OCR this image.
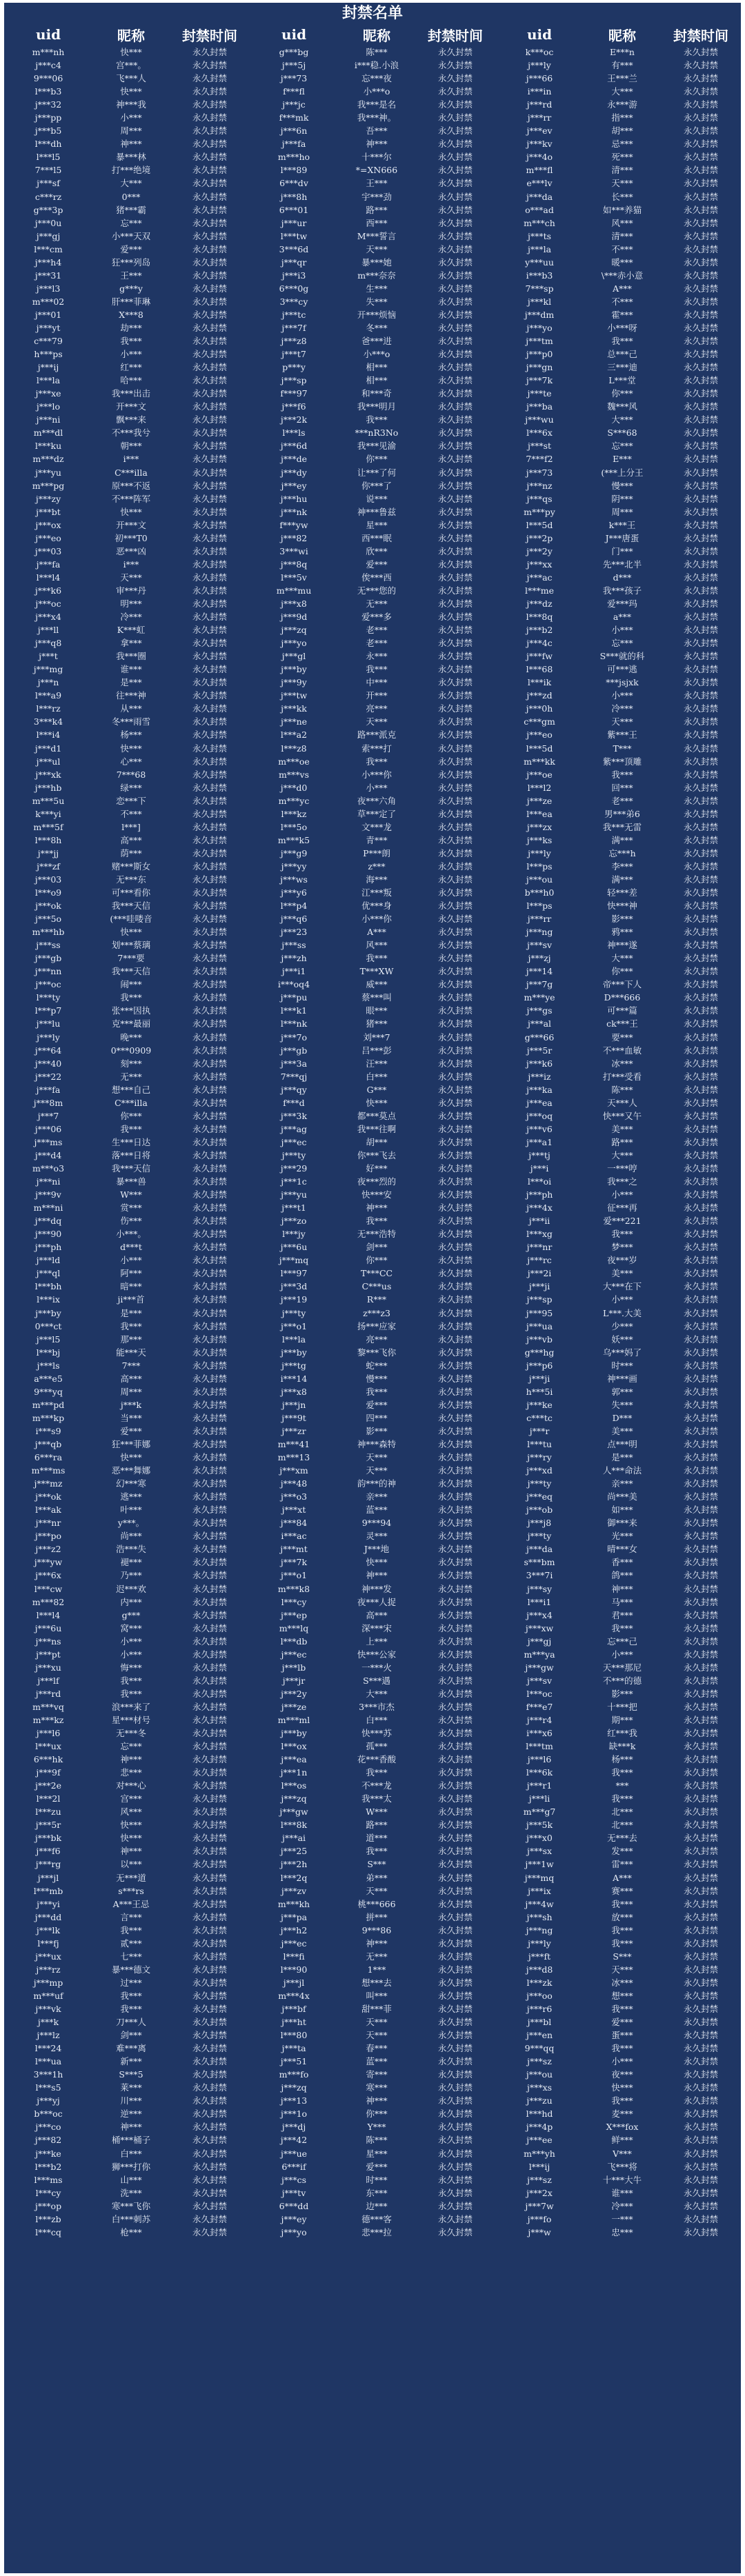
封禁名单
uid	昵称	封禁时间	uid	昵称	封禁时间	uid	昵称	封禁时间
m***nh	快***	永久封禁	g***bg	陈***	永久封禁	k***oc	E***n	永久封禁
j***c4	宫***。	永久封禁	j***5j	i***稳.小浪	永久封禁	j***ly	有***	永久封禁
9***06	飞***人	永久封禁	j***73	忘***夜	永久封禁	j***66	王***兰	永久封禁
l***b3	快***	永久封禁	f***fl	小***o	永久封禁	i***in	大***	永久封禁
j***32	神***我	永久封禁	j***jc	我***是名	永久封禁	j***rd	永***游	永久封禁
j***pp	小***	永久封禁	f***mk	我***神。	永久封禁	j***rr	指***	永久封禁
j***b5	周***	永久封禁	j***6n	吾***	永久封禁	j***ev	胡***	永久封禁
l***dh	神***	永久封禁	j***fa	神***	永久封禁	j***kv	忌***	永久封禁
l***l5	暴***林	永久封禁	m***ho	十***尔	永久封禁	j***4o	死***	永久封禁
7***l5	打***绝境	永久封禁	l***89	*=XN666	永久封禁	m***fl	清***	永久封禁
j***sf	大***	永久封禁	6***dv	王***	永久封禁	e***lv	天***	永久封禁
c***rz	0***	永久封禁	j***8h	宇***劲	永久封禁	j***da	长***	永久封禁
g***3p	猪***霸	永久封禁	6***01	路***	永久封禁	o***ad	如***养猫	永久封禁
j***0u	忘***	永久封禁	j***ur	西***	永久封禁	m***ch	风***	永久封禁
j***gj	小***天双	永久封禁	l***tw	M***誓言	永久封禁	j***ts	清***	永久封禁
l***cm	爱***	永久封禁	3***6d	天***	永久封禁	j***la	不***	永久封禁
j***h4	狂***列岛	永久封禁	j***qr	暴***她	永久封禁	y***uu	暖***	永久封禁
j***31	王***	永久封禁	j***i3	m***奈奈	永久封禁	i***b3	\***赤小意	永久封禁
j***l3	g***y	永久封禁	6***0g	生***	永久封禁	7***sp	A***	永久封禁
m***02	肝***菲琳	永久封禁	3***cy	失***	永久封禁	j***kl	不***	永久封禁
j***01	X***8	永久封禁	j***tc	开***烦恼	永久封禁	j***dm	霍***	永久封禁
j***yt	劫***	永久封禁	j***7f	冬***	永久封禁	j***yo	小***呀	永久封禁
c***79	我***	永久封禁	j***z8	爸***进	永久封禁	j***tm	我***	永久封禁
h***ps	小***	永久封禁	j***t7	小***o	永久封禁	j***p0	总***己	永久封禁
j***ij	红***	永久封禁	p***y	相***	永久封禁	j***gn	三***迪	永久封禁
l***la	哈***	永久封禁	j***sp	相***	永久封禁	j***7k	L***堂	永久封禁
j***xe	我***出击	永久封禁	f***97	和***奇	永久封禁	j***te	你***	永久封禁
j***lo	开***文	永久封禁	j***f6	我***明月	永久封禁	j***ba	魏***风	永久封禁
j***ni	飘***来	永久封禁	j***2k	我***	永久封禁	j***wu	大***	永久封禁
m***dl	不***我兮	永久封禁	l***ls	***nR3No	永久封禁	l***6x	S***68	永久封禁
l***ku	朝***	永久封禁	j***6d	我***见渝	永久封禁	j***st	忘***	永久封禁
m***dz	i***	永久封禁	j***de	你***	永久封禁	7***f2	E***	永久封禁
j***yu	C***illa	永久封禁	j***dy	让***了何	永久封禁	j***73	(***上分王	永久封禁
m***pg	原***不返	永久封禁	j***ey	你***了	永久封禁	j***nz	慢***	永久封禁
j***zy	不***阵军	永久封禁	j***hu	说***	永久封禁	j***qs	阴***	永久封禁
j***bt	快***	永久封禁	j***nk	神***鲁兹	永久封禁	m***py	周***	永久封禁
j***ox	开***文	永久封禁	f***yw	星***	永久封禁	l***5d	k***王	永久封禁
j***eo	初***T0	永久封禁	j***82	西***眠	永久封禁	j***2p	J***唐蛋	永久封禁
j***03	恶***凶	永久封禁	3***wi	欣***	永久封禁	j***2y	门***	永久封禁
j***fa	i***	永久封禁	j***8q	爱***	永久封禁	j***xx	先***北半	永久封禁
l***l4	天***	永久封禁	l***5v	俟***西	永久封禁	j***ac	d***	永久封禁
j***k6	审***丹	永久封禁	m***mu	无***您的	永久封禁	l***me	我***孩子	永久封禁
j***oc	明***	永久封禁	j***x8	无***	永久封禁	j***dz	爱***玛	永久封禁
j***x4	冷***	永久封禁	j***9d	爱***多	永久封禁	l***8q	a***	永久封禁
j***ll	K***虹	永久封禁	j***zq	老***	永久封禁	j***b2	小***	永久封禁
j***q8	拿***	永久封禁	j***yo	老***	永久封禁	j***4c	忘***	永久封禁
j***t	我***圈	永久封禁	j***gl	永***	永久封禁	j***fw	S***就的科	永久封禁
j***mg	谁***	永久封禁	j***by	我***	永久封禁	l***68	可***逃	永久封禁
j***n	是***	永久封禁	j***9y	中***	永久封禁	l***ik	***jsjxk	永久封禁
l***a9	往***神	永久封禁	j***tw	开***	永久封禁	j***zd	小***	永久封禁
l***rz	从***	永久封禁	j***kk	亮***	永久封禁	j***0h	冷***	永久封禁
3***k4	冬***雨雪	永久封禁	j***ne	天***	永久封禁	c***gm	天***	永久封禁
l***i4	杨***	永久封禁	l***a2	路***派克	永久封禁	j***eo	紫***王	永久封禁
j***d1	快***	永久封禁	l***z8	索***打	永久封禁	l***5d	T***	永久封禁
j***ul	心***	永久封禁	m***oe	我***	永久封禁	m***kk	紫***顶雕	永久封禁
j***xk	7***68	永久封禁	m***vs	小***你	永久封禁	j***oe	我***	永久封禁
j***hb	绿***	永久封禁	j***d0	小***	永久封禁	l***l2	回***	永久封禁
m***5u	恋***下	永久封禁	m***yc	夜***六角	永久封禁	j***ze	老***	永久封禁
k***yi	不***	永久封禁	l***kz	草***定了	永久封禁	l***ea	男***弟6	永久封禁
m***5f	l***]	永久封禁	l***5o	文***龙	永久封禁	j***zx	我***无雷	永久封禁
l***8h	高***	永久封禁	m***k5	青***	永久封禁	j***ks	满***	永久封禁
j***jj	荫***	永久封禁	j***g9	P***朗	永久封禁	j***ly	忘***h	永久封禁
j***zf	赌***斯女	永久封禁	j***yy	z***	永久封禁	l***ps	李***	永久封禁
j***03	无***东	永久封禁	j***ws	海***	永久封禁	j***ou	满***	永久封禁
l***o9	可***看你	永久封禁	j***y6	江***叛	永久封禁	b***h0	轻***差	永久封禁
j***ok	我***天信	永久封禁	l***p4	优***身	永久封禁	l***ps	快***神	永久封禁
j***5o	(***哇喽音	永久封禁	j***q6	小***你	永久封禁	j***rr	影***	永久封禁
m***hb	快***	永久封禁	j***23	A***	永久封禁	j***ng	鸦***	永久封禁
j***ss	划***蔡璃	永久封禁	j***ss	风***	永久封禁	j***sv	神***遂	永久封禁
j***gb	7***要	永久封禁	j***zh	我***	永久封禁	j***zj	大***	永久封禁
j***nn	我***天信	永久封禁	j***i1	T***XW	永久封禁	j***14	你***	永久封禁
j***oc	闹***	永久封禁	i***oq4	威***	永久封禁	j***7g	帝***下人	永久封禁
l***ty	我***	永久封禁	j***pu	蔡***叫	永久封禁	m***ye	D***666	永久封禁
l***p7	张***因执	永久封禁	l***k1	眼***	永久封禁	j***gs	可***篇	永久封禁
j***lu	克***最丽	永久封禁	l***nk	猪***	永久封禁	j***al	ck***王	永久封禁
j***ly	晚***	永久封禁	j***7o	刘***7	永久封禁	g***66	要***	永久封禁
j***64	0***0909	永久封禁	j***gb	吕***彭	永久封禁	j***5r	不***血敏	永久封禁
j***40	刻***	永久封禁	j***3a	汪***	永久封禁	j***k6	冰***	永久封禁
j***22	无***	永久封禁	7***qj	白***	永久封禁	j***iz	打***受看	永久封禁
j***fa	想***自己	永久封禁	j***qy	G***	永久封禁	j***ka	陈***	永久封禁
j***8m	C***illa	永久封禁	f***d	快***	永久封禁	j***ea	天***人	永久封禁
j***7	你***	永久封禁	j***3k	都***莫点	永久封禁	j***oq	快***又午	永久封禁
j***06	我***	永久封禁	j***ag	我***往啊	永久封禁	j***v6	美***	永久封禁
j***ms	生***日达	永久封禁	j***ec	胡***	永久封禁	j***a1	路***	永久封禁
j***d4	落***日将	永久封禁	j***ty	你***飞去	永久封禁	j***tj	大***	永久封禁
m***o3	我***天信	永久封禁	j***29	好***	永久封禁	j***i	一***哼	永久封禁
j***ni	暴***兽	永久封禁	j***1c	夜***烈的	永久封禁	l***oi	我***之	永久封禁
j***9v	W***	永久封禁	j***yu	快***安	永久封禁	j***ph	小***	永久封禁
m***ni	赏***	永久封禁	j***t1	神***	永久封禁	j***4x	征***再	永久封禁
j***dq	伤***	永久封禁	j***zo	我***	永久封禁	j***ii	爱***221	永久封禁
j***90	小***。	永久封禁	l***jy	无***浩特	永久封禁	l***xg	我***	永久封禁
j***ph	d***t	永久封禁	j***6u	剑***	永久封禁	j***nr	梦***	永久封禁
j***ld	小***	永久封禁	j***mq	你***	永久封禁	j***rc	夜***岁	永久封禁
j***ql	阿***	永久封禁	l***97	T***CC	永久封禁	j***2i	美***	永久封禁
l***bh	暗***	永久封禁	j***3d	C***us	永久封禁	j***ji	大***在下	永久封禁
l***ix	ji***首	永久封禁	j***19	R***	永久封禁	j***sp	小***	永久封禁
j***by	是***	永久封禁	j***ty	z***z3	永久封禁	j***95	L***.大美	永久封禁
0***ct	我***	永久封禁	j***o1	扬***应家	永久封禁	j***ua	少***	永久封禁
j***l5	那***	永久封禁	l***la	亮***	永久封禁	j***vb	妖***	永久封禁
l***bj	能***天	永久封禁	j***by	黎***飞你	永久封禁	g***hg	乌***妈了	永久封禁
j***ls	7***	永久封禁	j***tg	蛇***	永久封禁	j***p6	时***	永久封禁
a***e5	高***	永久封禁	i***14	慢***	永久封禁	j***ji	神***画	永久封禁
9***yq	周***	永久封禁	j***x8	我***	永久封禁	h***5i	郭***	永久封禁
m***pd	j***k	永久封禁	j***jn	爱***	永久封禁	j***ke	失***	永久封禁
m***kp	当***	永久封禁	j***9t	四***	永久封禁	c***tc	D***	永久封禁
i***s9	爱***	永久封禁	j***zr	影***	永久封禁	j***r	美***	永久封禁
j***qb	狂***菲娜	永久封禁	m***41	神***森特	永久封禁	l***tu	点***明	永久封禁
6***ra	快***	永久封禁	m***13	天***	永久封禁	j***ry	是***	永久封禁
m***ms	恶***舞娜	永久封禁	j***xm	天***	永久封禁	j***xd	人***命法	永久封禁
j***mz	幻***寒	永久封禁	j***48	韵***的神	永久封禁	j***ty	亲***	永久封禁
j***ok	逃***	永久封禁	j***o3	亲***	永久封禁	j***eq	尚***美	永久封禁
l***ak	叶***	永久封禁	j***xt	蓝***	永久封禁	j***ob	如***	永久封禁
j***nr	y***。	永久封禁	j***84	9***94	永久封禁	j***j8	御***来	永久封禁
j***po	尚***	永久封禁	i***ac	灵***	永久封禁	j***ty	光***	永久封禁
j***z2	浩***失	永久封禁	j***mt	J***地	永久封禁	j***da	晴***女	永久封禁
j***yw	褪***	永久封禁	j***7k	快***	永久封禁	s***bm	香***	永久封禁
j***6x	乃***	永久封禁	j***o1	神***	永久封禁	3***7i	鸽***	永久封禁
l***cw	迟***欢	永久封禁	m***k8	神***发	永久封禁	j***sy	神***	永久封禁
m***82	内***	永久封禁	l***cy	夜***人捉	永久封禁	l***i1	马***	永久封禁
l***l4	g***	永久封禁	j***ep	高***	永久封禁	j***x4	君***	永久封禁
j***6u	窝***	永久封禁	m***lq	深***宋	永久封禁	j***xw	我***	永久封禁
j***ns	小***	永久封禁	l***db	上***	永久封禁	j***gj	忘***己	永久封禁
j***pt	小***	永久封禁	j***ec	快***公家	永久封禁	m***ya	小***	永久封禁
j***xu	悔***	永久封禁	j***lb	一***火	永久封禁	j***gw	天***那尼	永久封禁
j***lf	我***	永久封禁	j***jr	S***遇	永久封禁	j***sv	不***的德	永久封禁
j***rd	我***	永久封禁	j***2y	大***	永久封禁	l***oc	影***	永久封禁
m***vq	浪***来了	永久封禁	j***ze	3***市杰	永久封禁	f***e7	十***把	永久封禁
m***kz	星***材号	永久封禁	m***ml	白***	永久封禁	j***r4	期***	永久封禁
j***l6	无***冬	永久封禁	j***by	快***苏	永久封禁	i***x6	红***我	永久封禁
l***ux	忘***	永久封禁	l***ox	孤***	永久封禁	l***tm	缺***k	永久封禁
6***hk	神***	永久封禁	j***ea	花***香酸	永久封禁	j***l6	杨***	永久封禁
j***9f	悲***	永久封禁	j***1n	我***	永久封禁	l***6k	我***	永久封禁
j***2e	对***心	永久封禁	l***os	不***龙	永久封禁	j***r1	***	永久封禁
l***2l	宫***	永久封禁	j***zq	我***太	永久封禁	j***li	我***	永久封禁
l***zu	风***	永久封禁	j***gw	W***	永久封禁	m***g7	北***	永久封禁
j***5r	快***	永久封禁	l***8k	路***	永久封禁	j***5k	北***	永久封禁
j***bk	快***	永久封禁	j***ai	道***	永久封禁	j***x0	无***去	永久封禁
j***f6	神***	永久封禁	j***25	我***	永久封禁	j***sx	发***	永久封禁
j***rg	以***	永久封禁	j***2h	S***	永久封禁	j***1w	雷***	永久封禁
j***jl	无***道	永久封禁	l***2q	弟***	永久封禁	j***mq	A***	永久封禁
l***mb	s***rs	永久封禁	j***zv	天***	永久封禁	j***ix	赛***	永久封禁
j***yi	A***王忌	永久封禁	m***kh	桃***666	永久封禁	j***4w	我***	永久封禁
j***dd	言***	永久封禁	j***pa	拼***	永久封禁	j***sh	放***	永久封禁
j***lk	我***	永久封禁	j***h2	9***86	永久封禁	j***ng	我***	永久封禁
l***fj	贰***	永久封禁	j***ec	神***	永久封禁	j***ly	我***	永久封禁
j***ux	七***	永久封禁	l***fi	无***	永久封禁	j***ft	S***	永久封禁
j***rz	暴***德文	永久封禁	l***90	1***	永久封禁	j***d8	天***	永久封禁
j***mp	过***	永久封禁	j***jl	想***去	永久封禁	l***zk	冰***	永久封禁
m***uf	我***	永久封禁	m***4x	叫***	永久封禁	j***oo	想***	永久封禁
j***vk	我***	永久封禁	j***bf	甜***菲	永久封禁	j***r6	我***	永久封禁
j***k	刀***人	永久封禁	j***ht	天***	永久封禁	j***bl	爱***	永久封禁
j***lz	剑***	永久封禁	l***80	天***	永久封禁	j***en	蛋***	永久封禁
l***24	难***离	永久封禁	j***ta	春***	永久封禁	9***qq	我***	永久封禁
l***ua	新***	永久封禁	j***51	蓝***	永久封禁	j***sz	小***	永久封禁
3***1h	S***5	永久封禁	m***fo	寄***	永久封禁	j***ou	夜***	永久封禁
l***s5	莱***	永久封禁	j***zq	寒***	永久封禁	j***xs	快***	永久封禁
j***yj	川***	永久封禁	j***13	神***	永久封禁	j***zu	我***	永久封禁
b***oc	逆***	永久封禁	j***1o	你***	永久封禁	l***hd	麦***	永久封禁
j***co	神***	永久封禁	j***dj	Y***	永久封禁	j***4p	X***fox	永久封禁
j***82	桶***桶子	永久封禁	j***42	陈***	永久封禁	j***ee	鲜***	永久封禁
j***ke	白***	永久封禁	j***ue	星***	永久封禁	m***yh	V***	永久封禁
l***b2	狮***打你	永久封禁	6***if	爱***	永久封禁	l***ij	飞***将	永久封禁
l***ms	山***	永久封禁	j***cs	时***	永久封禁	j***sz	十***大牛	永久封禁
l***cy	洗***	永久封禁	j***tv	东***	永久封禁	j***2x	谁***	永久封禁
j***op	寒***飞你	永久封禁	6***dd	边***	永久封禁	j***7w	冷***	永久封禁
l***zb	白***刺苏	永久封禁	j***ey	德***客	永久封禁	j***fo	一***	永久封禁
l***cq	枪***	永久封禁	j***yo	悲***拉	永久封禁	j***w	忠***	永久封禁
